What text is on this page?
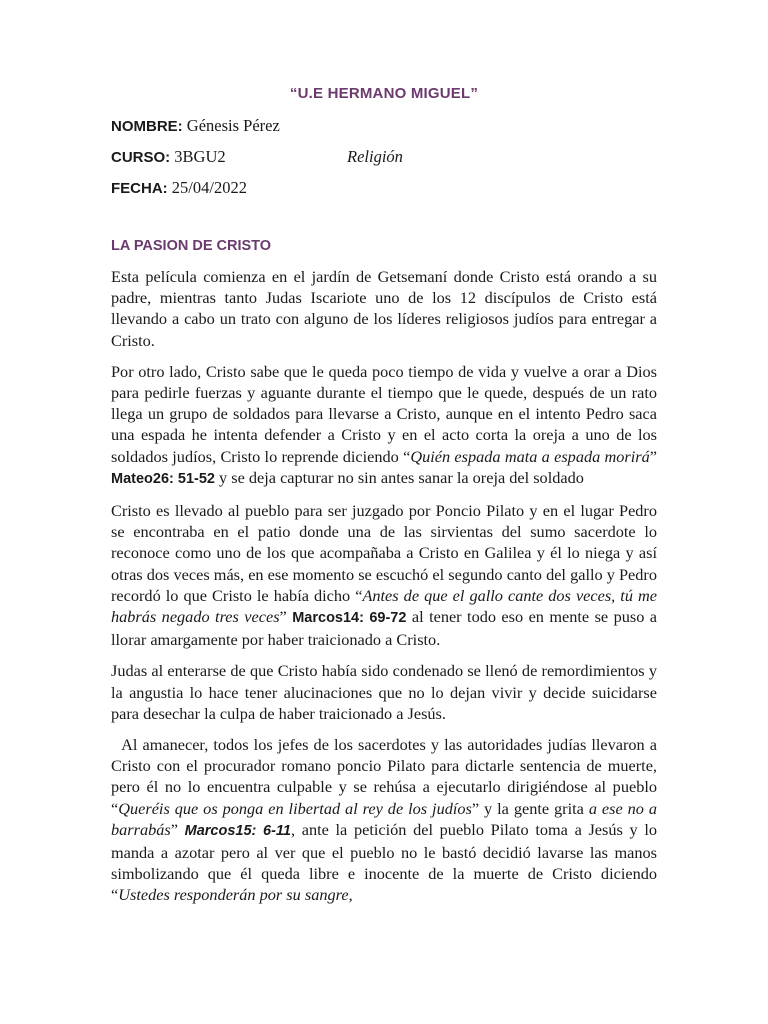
“U.E HERMANO MIGUEL”
NOMBRE: Génesis Pérez
CURSO: 3BGU2	Religión
FECHA: 25/04/2022
LA PASION DE CRISTO

Esta película comienza en el jardín de Getsemaní donde Cristo está orando a su padre, mientras tanto Judas Iscariote uno de los 12 discípulos de Cristo está llevando a cabo un trato con alguno de los líderes religiosos judíos para entregar a Cristo.

Por otro lado, Cristo sabe que le queda poco tiempo de vida y vuelve a orar a Dios para pedirle fuerzas y aguante durante el tiempo que le quede, después de un rato llega un grupo de soldados para llevarse a Cristo, aunque en el intento Pedro saca una espada he intenta defender a Cristo y en el acto corta la oreja a uno de los soldados judíos, Cristo lo reprende diciendo “Quién espada mata a espada morirá” Mateo26: 51-52 y se deja capturar no sin antes sanar la oreja del soldado

Cristo es llevado al pueblo para ser juzgado por Poncio Pilato y en el lugar Pedro se encontraba en el patio donde una de las sirvientas del sumo sacerdote lo reconoce como uno de los que acompañaba a Cristo en Galilea y él lo niega y así otras dos veces más, en ese momento se escuchó el segundo canto del gallo y Pedro recordó lo que Cristo le había dicho “Antes de que el gallo cante dos veces, tú me habrás negado tres veces” Marcos14: 69-72 al tener todo eso en mente se puso a llorar amargamente por haber traicionado a Cristo.

Judas al enterarse de que Cristo había sido condenado se llenó de remordimientos y la angustia lo hace tener alucinaciones que no lo dejan vivir y decide suicidarse para desechar la culpa de haber traicionado a Jesús.

Al amanecer, todos los jefes de los sacerdotes y las autoridades judías llevaron a Cristo con el procurador romano poncio Pilato para dictarle sentencia de muerte, pero él no lo encuentra culpable y se rehúsa a ejecutarlo dirigiéndose al pueblo “Queréis que os ponga en libertad al rey de los judíos” y la gente grita a ese no a barrabás” Marcos15: 6-11, ante la petición del pueblo Pilato toma a Jesús y lo manda a azotar pero al ver que el pueblo no le bastó decidió lavarse las manos simbolizando que él queda libre e inocente de la muerte de Cristo diciendo “Ustedes responderán por su sangre,
